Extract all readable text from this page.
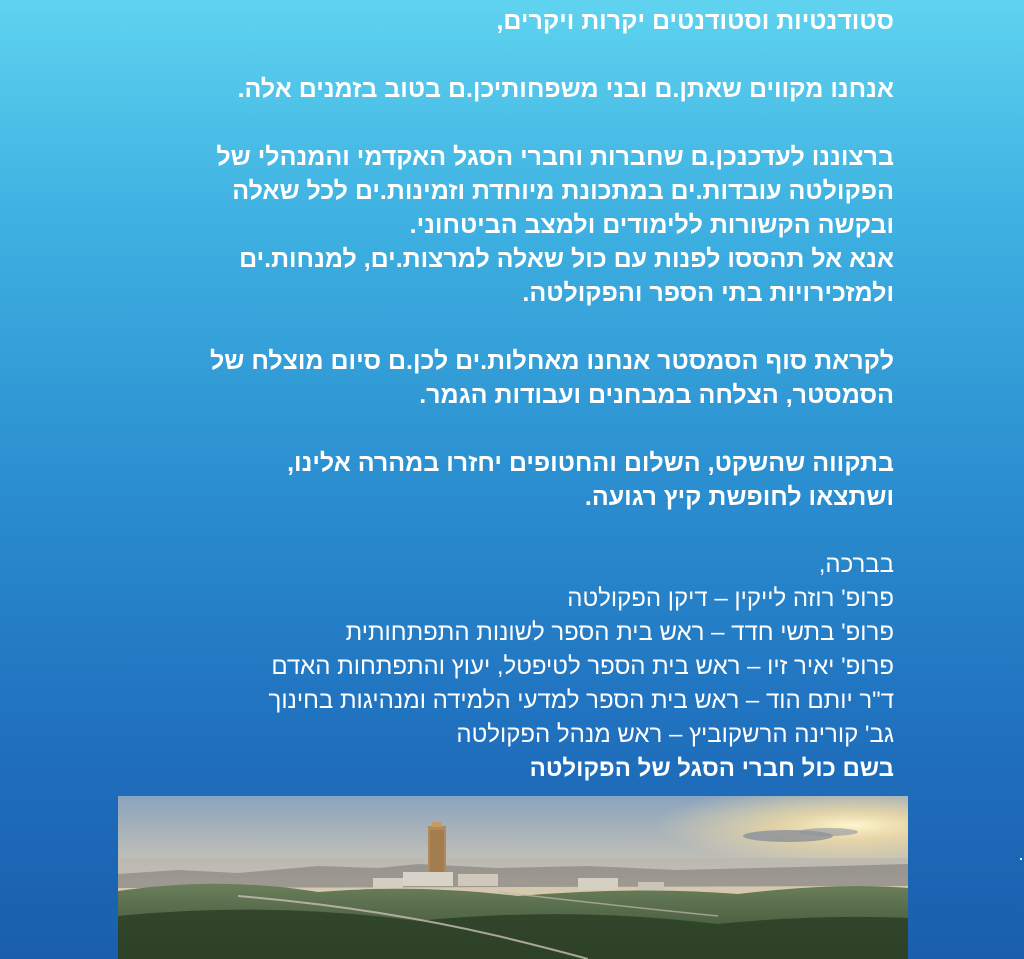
סטודנטיות וסטודנטים יקרות ויקרים,

אנחנו מקווים שאתן.ם ובני משפחותיכן.ם בטוב בזמנים אלה.

ברצוננו לעדכנכן.ם שחברות וחברי הסגל האקדמי והמנהלי של

הפקולטה עובדות.ים במתכונת מיוחדת וזמינות.ים לכל שאלה

ובקשה הקשורות ללימודים ולמצב הביטחוני.

אנא אל תהססו לפנות עם כול שאלה למרצות.ים, למנחות.ים

ולמזכירויות בתי הספר והפקולטה.

לקראת סוף הסמסטר אנחנו מאחלות.ים לכן.ם סיום מוצלח של

הסמסטר, הצלחה במבחנים ועבודות הגמר.

בתקווה שהשקט, השלום והחטופים יחזרו במהרה אלינו,

ושתצאו לחופשת קיץ רגועה.

בברכה,
פרופ' רוזה לייקין – דיקן הפקולטה
פרופ' בתשי חדד – ראש בית הספר לשונות התפתחותית
פרופ' יאיר זיו – ראש בית הספר לטיפטל, יעוץ והתפתחות האדם
ד"ר יותם הוד – ראש בית הספר למדעי הלמידה ומנהיגות בחינוך
גב' קורינה הרשקוביץ – ראש מנהל הפקולטה
בשם כול חברי הסגל של הפקולטה
